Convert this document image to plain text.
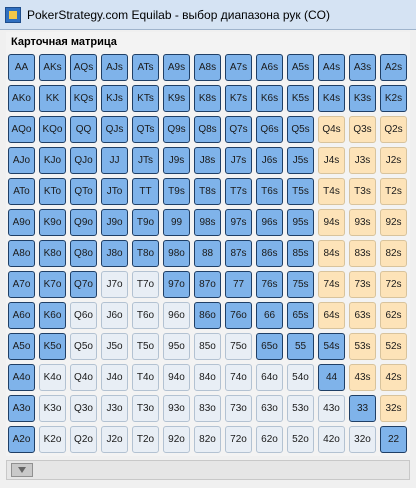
PokerStrategy.com Equilab - выбор диапазона рук (CO)
Карточная матрица
AA	AKs	AQs	AJs	ATs	A9s	A8s	A7s	A6s	A5s	A4s	A3s	A2s
AKo	KK	KQs	KJs	KTs	K9s	K8s	K7s	K6s	K5s	K4s	K3s	K2s
AQo	KQo	QQ	QJs	QTs	Q9s	Q8s	Q7s	Q6s	Q5s	Q4s	Q3s	Q2s
AJo	KJo	QJo	JJ	JTs	J9s	J8s	J7s	J6s	J5s	J4s	J3s	J2s
ATo	KTo	QTo	JTo	TT	T9s	T8s	T7s	T6s	T5s	T4s	T3s	T2s
A9o	K9o	Q9o	J9o	T9o	99	98s	97s	96s	95s	94s	93s	92s
A8o	K8o	Q8o	J8o	T8o	98o	88	87s	86s	85s	84s	83s	82s
A7o	K7o	Q7o	J7o	T7o	97o	87o	77	76s	75s	74s	73s	72s
A6o	K6o	Q6o	J6o	T6o	96o	86o	76o	66	65s	64s	63s	62s
A5o	K5o	Q5o	J5o	T5o	95o	85o	75o	65o	55	54s	53s	52s
A4o	K4o	Q4o	J4o	T4o	94o	84o	74o	64o	54o	44	43s	42s
A3o	K3o	Q3o	J3o	T3o	93o	83o	73o	63o	53o	43o	33	32s
A2o	K2o	Q2o	J2o	T2o	92o	82o	72o	62o	52o	42o	32o	22
